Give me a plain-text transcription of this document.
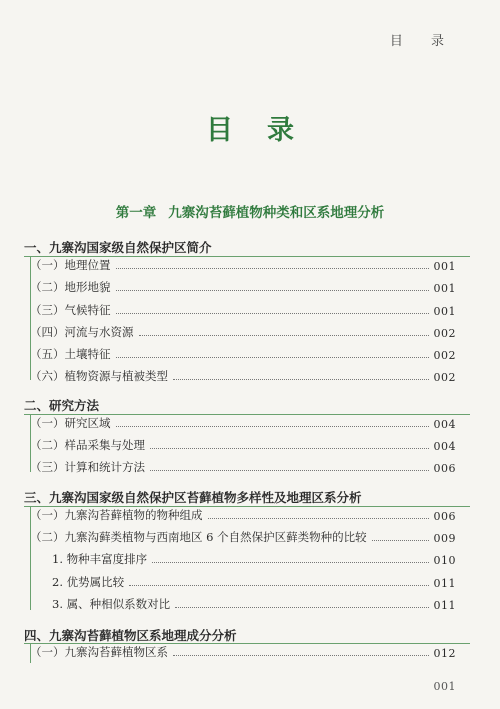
目 录
目录
第一章 九寨沟苔藓植物种类和区系地理分析
一、九寨沟国家级自然保护区简介
（一）地理位置	001
（二）地形地貌	001
（三）气候特征	001
（四）河流与水资源	002
（五）土壤特征	002
（六）植物资源与植被类型	002
二、研究方法
（一）研究区域	004
（二）样品采集与处理	004
（三）计算和统计方法	006
三、九寨沟国家级自然保护区苔藓植物多样性及地理区系分析
（一）九寨沟苔藓植物的物种组成	006
（二）九寨沟藓类植物与西南地区 6 个自然保护区藓类物种的比较	009
1. 物种丰富度排序	010
2. 优势属比较	011
3. 属、种相似系数对比	011
四、九寨沟苔藓植物区系地理成分分析
（一）九寨沟苔藓植物区系	012
001
